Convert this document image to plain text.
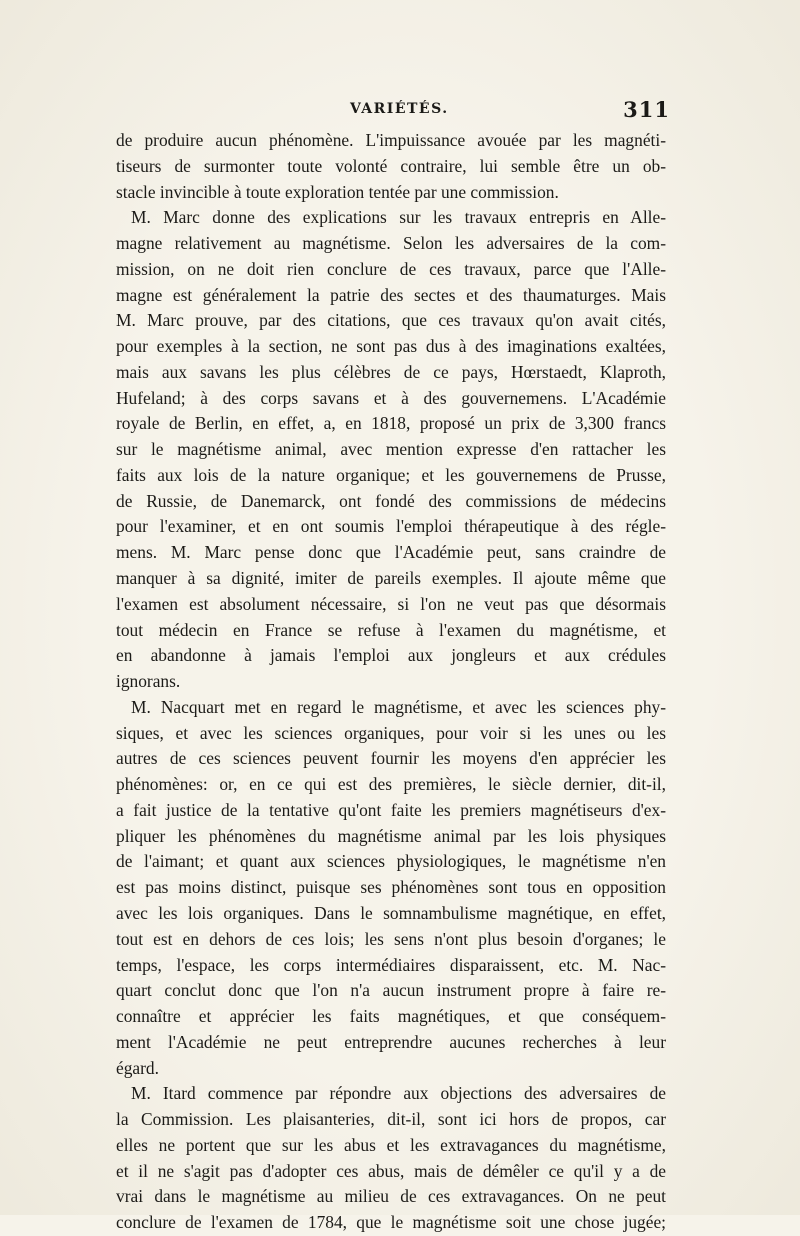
VARIÉTÉS.	311
de produire aucun phénomène. L'impuissance avouée par les magnéti-
tiseurs de surmonter toute volonté contraire, lui semble être un ob-
stacle invincible à toute exploration tentée par une commission.
M. Marc donne des explications sur les travaux entrepris en Alle-
magne relativement au magnétisme. Selon les adversaires de la com-
mission, on ne doit rien conclure de ces travaux, parce que l'Alle-
magne est généralement la patrie des sectes et des thaumaturges. Mais
M. Marc prouve, par des citations, que ces travaux qu'on avait cités,
pour exemples à la section, ne sont pas dus à des imaginations exaltées,
mais aux savans les plus célèbres de ce pays, Hœrstaedt, Klaproth,
Hufeland; à des corps savans et à des gouvernemens. L'Académie
royale de Berlin, en effet, a, en 1818, proposé un prix de 3,300 francs
sur le magnétisme animal, avec mention expresse d'en rattacher les
faits aux lois de la nature organique; et les gouvernemens de Prusse,
de Russie, de Danemarck, ont fondé des commissions de médecins
pour l'examiner, et en ont soumis l'emploi thérapeutique à des régle-
mens. M. Marc pense donc que l'Académie peut, sans craindre de
manquer à sa dignité, imiter de pareils exemples. Il ajoute même que
l'examen est absolument nécessaire, si l'on ne veut pas que désormais
tout médecin en France se refuse à l'examen du magnétisme, et
en abandonne à jamais l'emploi aux jongleurs et aux crédules
ignorans.
M. Nacquart met en regard le magnétisme, et avec les sciences phy-
siques, et avec les sciences organiques, pour voir si les unes ou les
autres de ces sciences peuvent fournir les moyens d'en apprécier les
phénomènes: or, en ce qui est des premières, le siècle dernier, dit-il,
a fait justice de la tentative qu'ont faite les premiers magnétiseurs d'ex-
pliquer les phénomènes du magnétisme animal par les lois physiques
de l'aimant; et quant aux sciences physiologiques, le magnétisme n'en
est pas moins distinct, puisque ses phénomènes sont tous en opposition
avec les lois organiques. Dans le somnambulisme magnétique, en effet,
tout est en dehors de ces lois; les sens n'ont plus besoin d'organes; le
temps, l'espace, les corps intermédiaires disparaissent, etc. M. Nac-
quart conclut donc que l'on n'a aucun instrument propre à faire re-
connaître et apprécier les faits magnétiques, et que conséquem-
ment l'Académie ne peut entreprendre aucunes recherches à leur
égard.
M. Itard commence par répondre aux objections des adversaires de
la Commission. Les plaisanteries, dit-il, sont ici hors de propos, car
elles ne portent que sur les abus et les extravagances du magnétisme,
et il ne s'agit pas d'adopter ces abus, mais de démêler ce qu'il y a de
vrai dans le magnétisme au milieu de ces extravagances. On ne peut
conclure de l'examen de 1784, que le magnétisme soit une chose jugée;
